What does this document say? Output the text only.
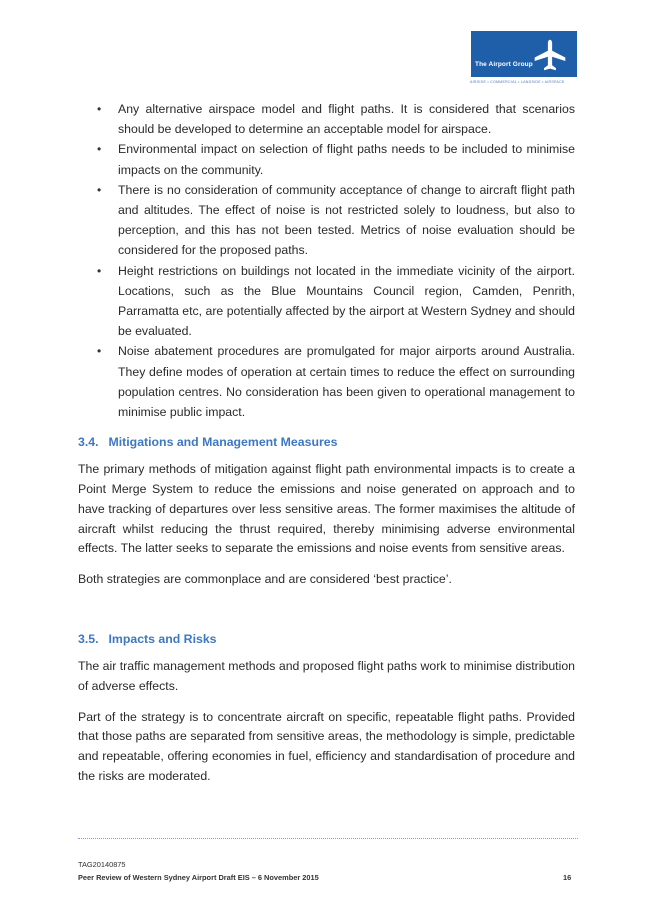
The Airport Group
AIRSIDE • COMMERCIAL • LANDSIDE • AIRSPACE
• Any alternative airspace model and flight paths. It is considered that scenarios should be developed to determine an acceptable model for airspace.
• Environmental impact on selection of flight paths needs to be included to minimise impacts on the community.
• There is no consideration of community acceptance of change to aircraft flight path and altitudes. The effect of noise is not restricted solely to loudness, but also to perception, and this has not been tested. Metrics of noise evaluation should be considered for the proposed paths.
• Height restrictions on buildings not located in the immediate vicinity of the airport. Locations, such as the Blue Mountains Council region, Camden, Penrith, Parramatta etc, are potentially affected by the airport at Western Sydney and should be evaluated.
• Noise abatement procedures are promulgated for major airports around Australia. They define modes of operation at certain times to reduce the effect on surrounding population centres. No consideration has been given to operational management to minimise public impact.
3.4. Mitigations and Management Measures

The primary methods of mitigation against flight path environmental impacts is to create a Point Merge System to reduce the emissions and noise generated on approach and to have tracking of departures over less sensitive areas. The former maximises the altitude of aircraft whilst reducing the thrust required, thereby minimising adverse environmental effects. The latter seeks to separate the emissions and noise events from sensitive areas.

Both strategies are commonplace and are considered ‘best practice’.

3.5. Impacts and Risks

The air traffic management methods and proposed flight paths work to minimise distribution of adverse effects.

Part of the strategy is to concentrate aircraft on specific, repeatable flight paths. Provided that those paths are separated from sensitive areas, the methodology is simple, predictable and repeatable, offering economies in fuel, efficiency and standardisation of procedure and the risks are moderated.

TAG20140875
Peer Review of Western Sydney Airport Draft EIS – 6 November 2015	16
